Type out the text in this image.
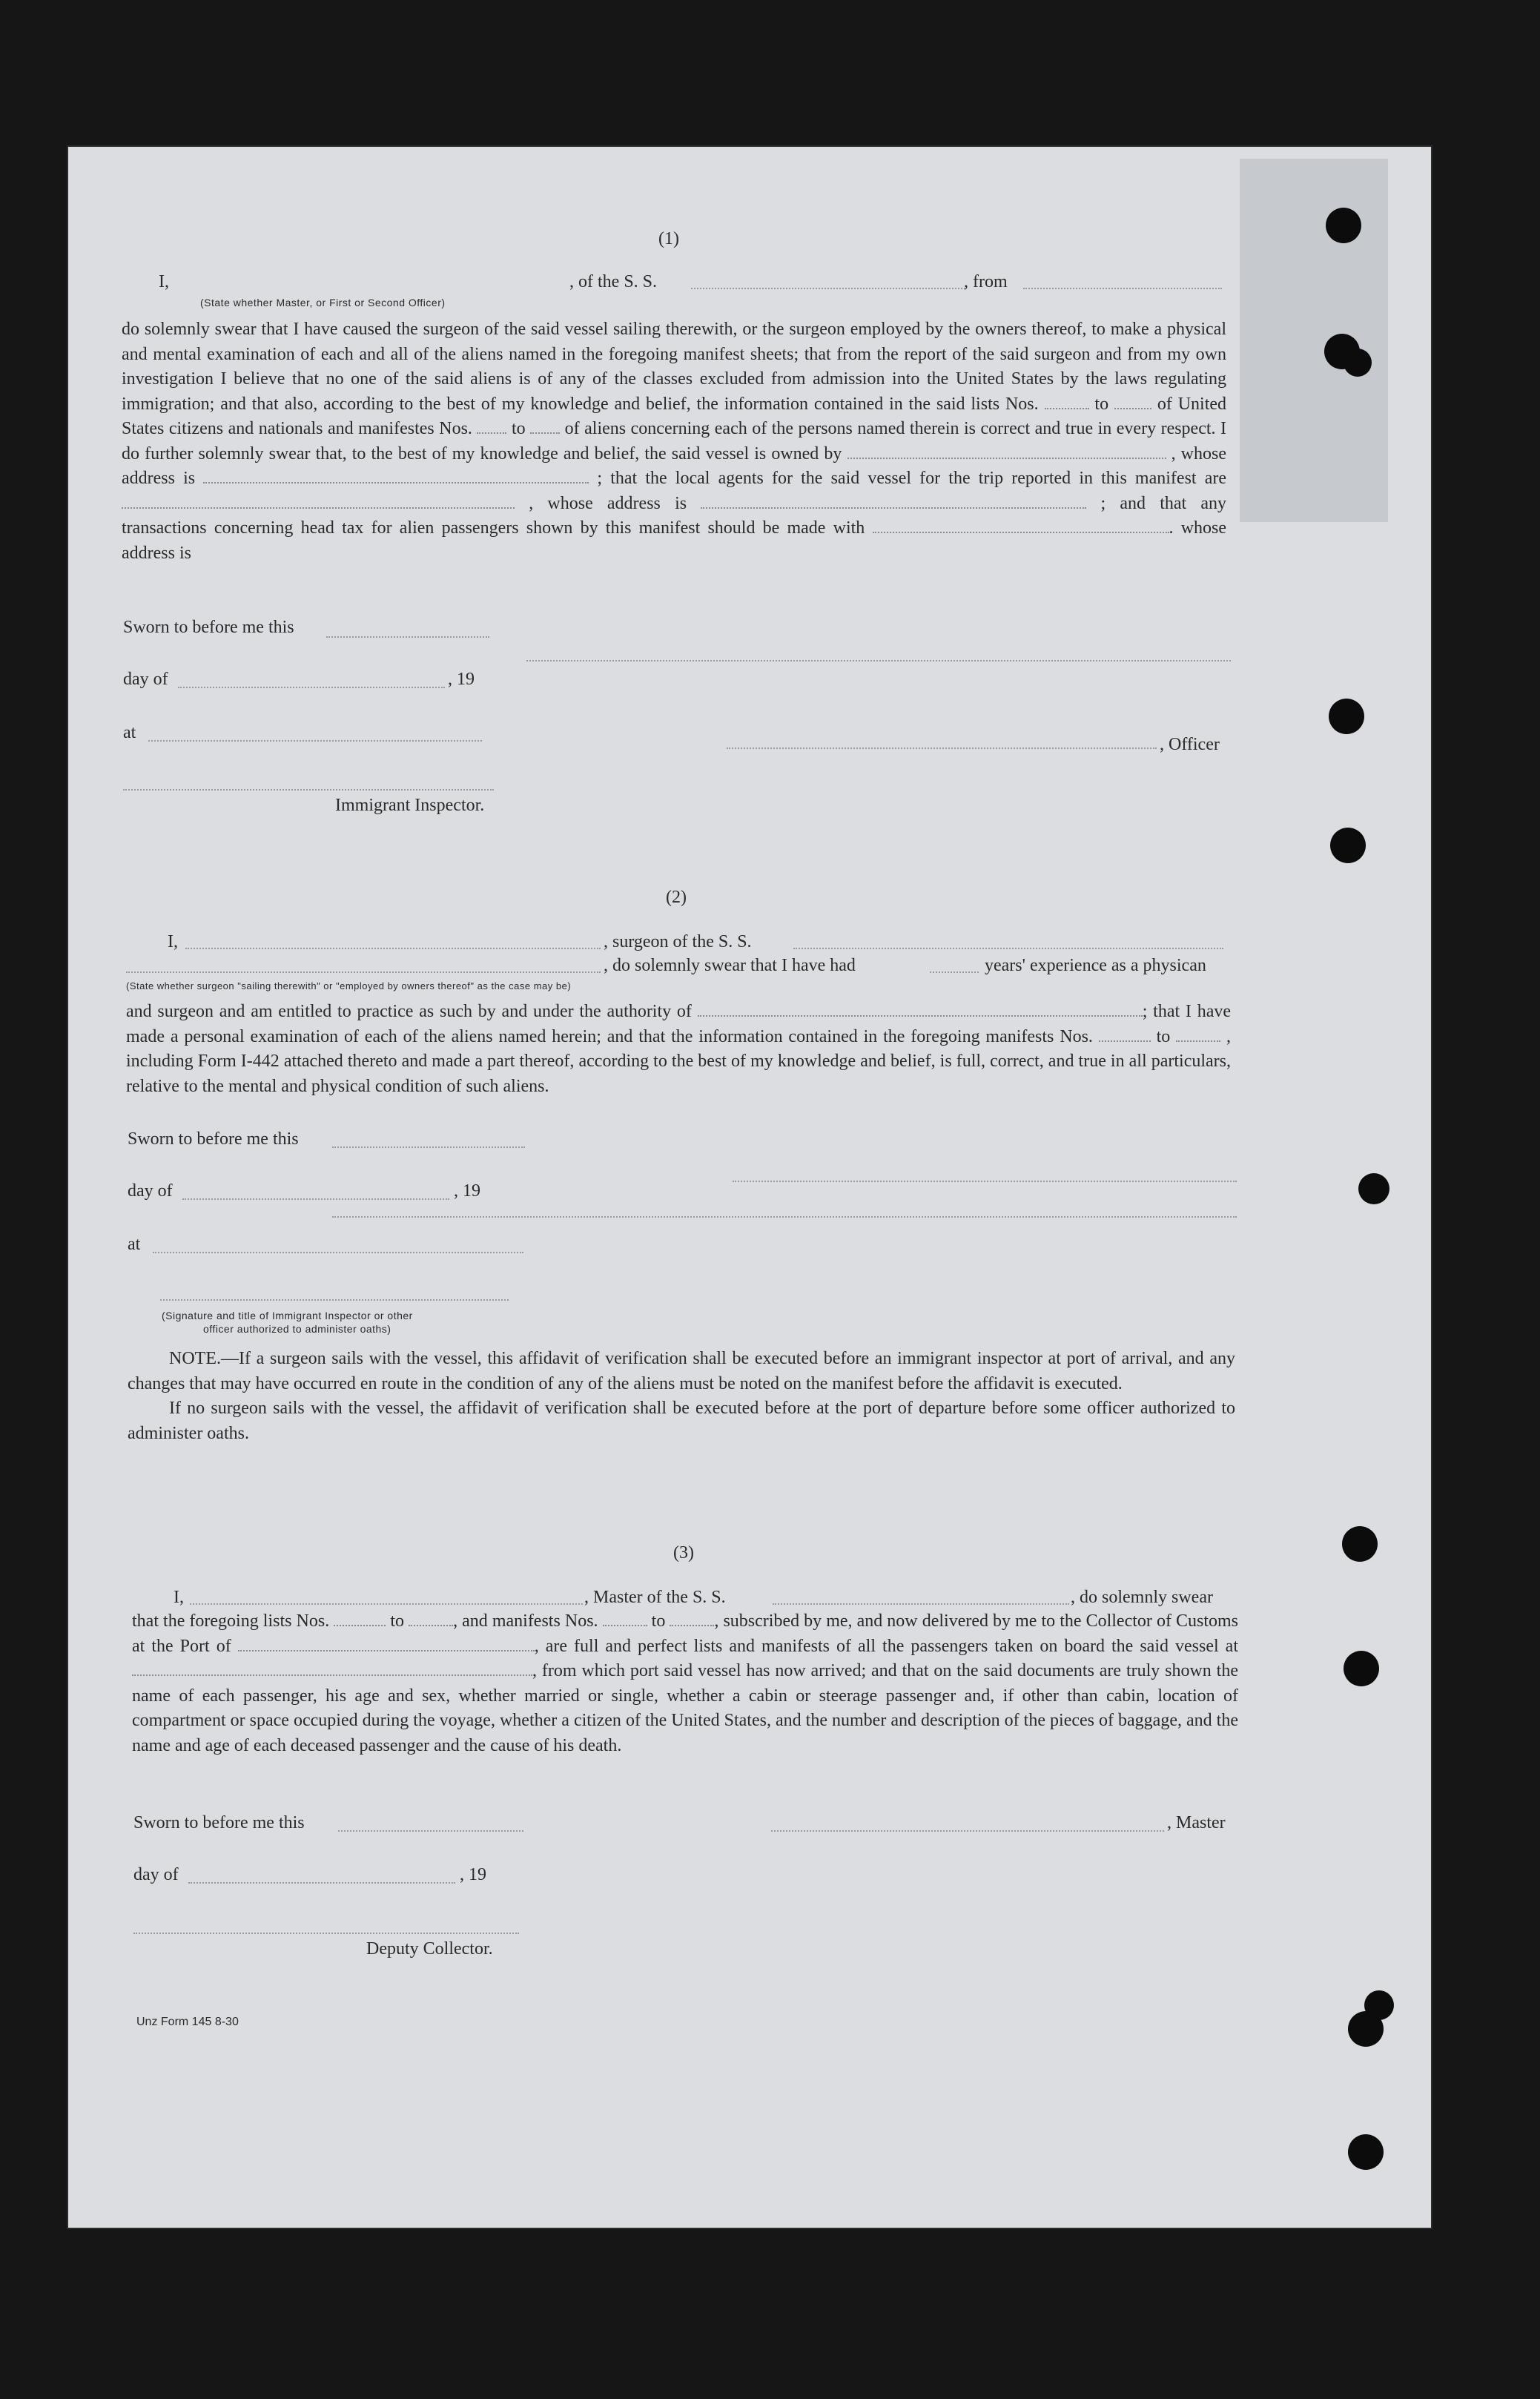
(1)
I,	, of the S. S.	, from
(State whether Master, or First or Second Officer)

do solemnly swear that I have caused the surgeon of the said vessel sailing therewith, or the surgeon employed by the owners thereof, to make a physical and mental examination of each and all of the aliens named in the foregoing manifest sheets; that from the report of the said surgeon and from my own investigation I believe that no one of the said aliens is of any of the classes excluded from admission into the United States by the laws regulating immigration; and that also, according to the best of my knowledge and belief, the information contained in the said lists Nos.	to	of United States citizens and nationals and manifestes Nos. to of aliens concerning each of the persons named therein is correct and true in every respect. I do further solemnly swear that, to the best of my knowledge and belief, the said vessel is owned by	, whose address is	; that the local agents for the said vessel for the trip reported in this manifest are  , whose address is	; and that any transactions concerning head tax for alien passengers shown by this manifest should be made with	. whose address is

Sworn to before me this
day of	, 19
at
, Officer
Immigrant Inspector.
(2)
I,	, surgeon of the S. S.
, do solemnly swear that I have had	years' experience as a physican
(State whether surgeon "sailing therewith" or "employed by owners thereof" as the case may be)

and surgeon and am entitled to practice as such by and under the authority of	; that I have made a personal examination of each of the aliens named herein; and that the information contained in the foregoing manifests Nos.	to	, including Form I-442 attached thereto and made a part thereof, according to the best of my knowledge and belief, is full, correct, and true in all particulars, relative to the mental and physical condition of such aliens.

Sworn to before me this
day of	, 19
at
(Signature and title of Immigrant Inspector or other
officer authorized to administer oaths)

NOTE.—If a surgeon sails with the vessel, this affidavit of verification shall be executed before an immigrant inspector at port of arrival, and any changes that may have occurred en route in the condition of any of the aliens must be noted on the manifest before the affidavit is executed.

If no surgeon sails with the vessel, the affidavit of verification shall be executed before at the port of departure before some officer authorized to administer oaths.

(3)
I,	, Master of the S. S.	, do solemnly swear

that the foregoing lists Nos.	to	, and manifests Nos.	to	, subscribed by me, and now delivered by me to the Collector of Customs at the Port of	, are full and perfect lists and manifests of all the passengers taken on board the said vessel at , from which port said vessel has now arrived; and that on the said documents are truly shown the name of each passenger, his age and sex, whether married or single, whether a cabin or steerage passenger and, if other than cabin, location of compartment or space occupied during the voyage, whether a citizen of the United States, and the number and description of the pieces of baggage, and the name and age of each deceased passenger and the cause of his death.

Sworn to before me this	, Master
day of	, 19
Deputy Collector.
Unz Form 145 8-30
